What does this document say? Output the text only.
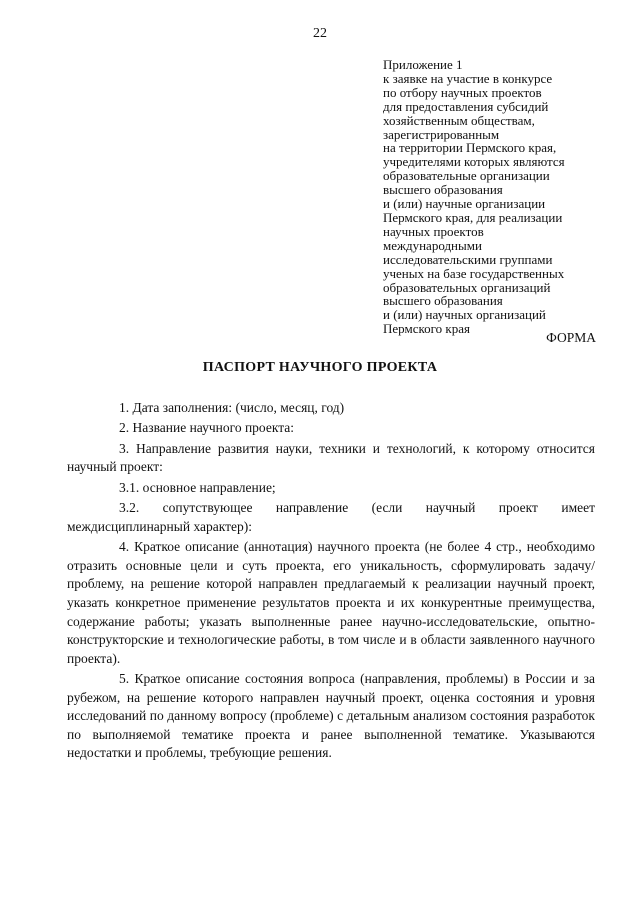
22
Приложение 1
к заявке на участие в конкурсе
по отбору научных проектов
для предоставления субсидий
хозяйственным обществам,
зарегистрированным
на территории Пермского края,
учредителями которых являются
образовательные организации
высшего образования
и (или) научные организации
Пермского края, для реализации
научных проектов
международными
исследовательскими группами
ученых на базе государственных
образовательных организаций
высшего образования
и (или) научных организаций
Пермского края
ФОРМА
ПАСПОРТ НАУЧНОГО ПРОЕКТА

1. Дата заполнения: (число, месяц, год)

2. Название научного проекта:

3. Направление развития науки, техники и технологий, к которому относится научный проект:

3.1. основное направление;

3.2. сопутствующее направление (если научный проект имеет междисциплинарный характер):

4. Краткое описание (аннотация) научного проекта (не более 4 стр., необходимо отразить основные цели и суть проекта, его уникальность, сформулировать задачу/проблему, на решение которой направлен предлагаемый к реализации научный проект, указать конкретное применение результатов проекта и их конкурентные преимущества, содержание работы; указать выполненные ранее научно-исследовательские, опытно-конструкторские и технологические работы, в том числе и в области заявленного научного проекта).

5. Краткое описание состояния вопроса (направления, проблемы) в России и за рубежом, на решение которого направлен научный проект, оценка состояния и уровня исследований по данному вопросу (проблеме) с детальным анализом состояния разработок по выполняемой тематике проекта и ранее выполненной тематике. Указываются недостатки и проблемы, требующие решения.
